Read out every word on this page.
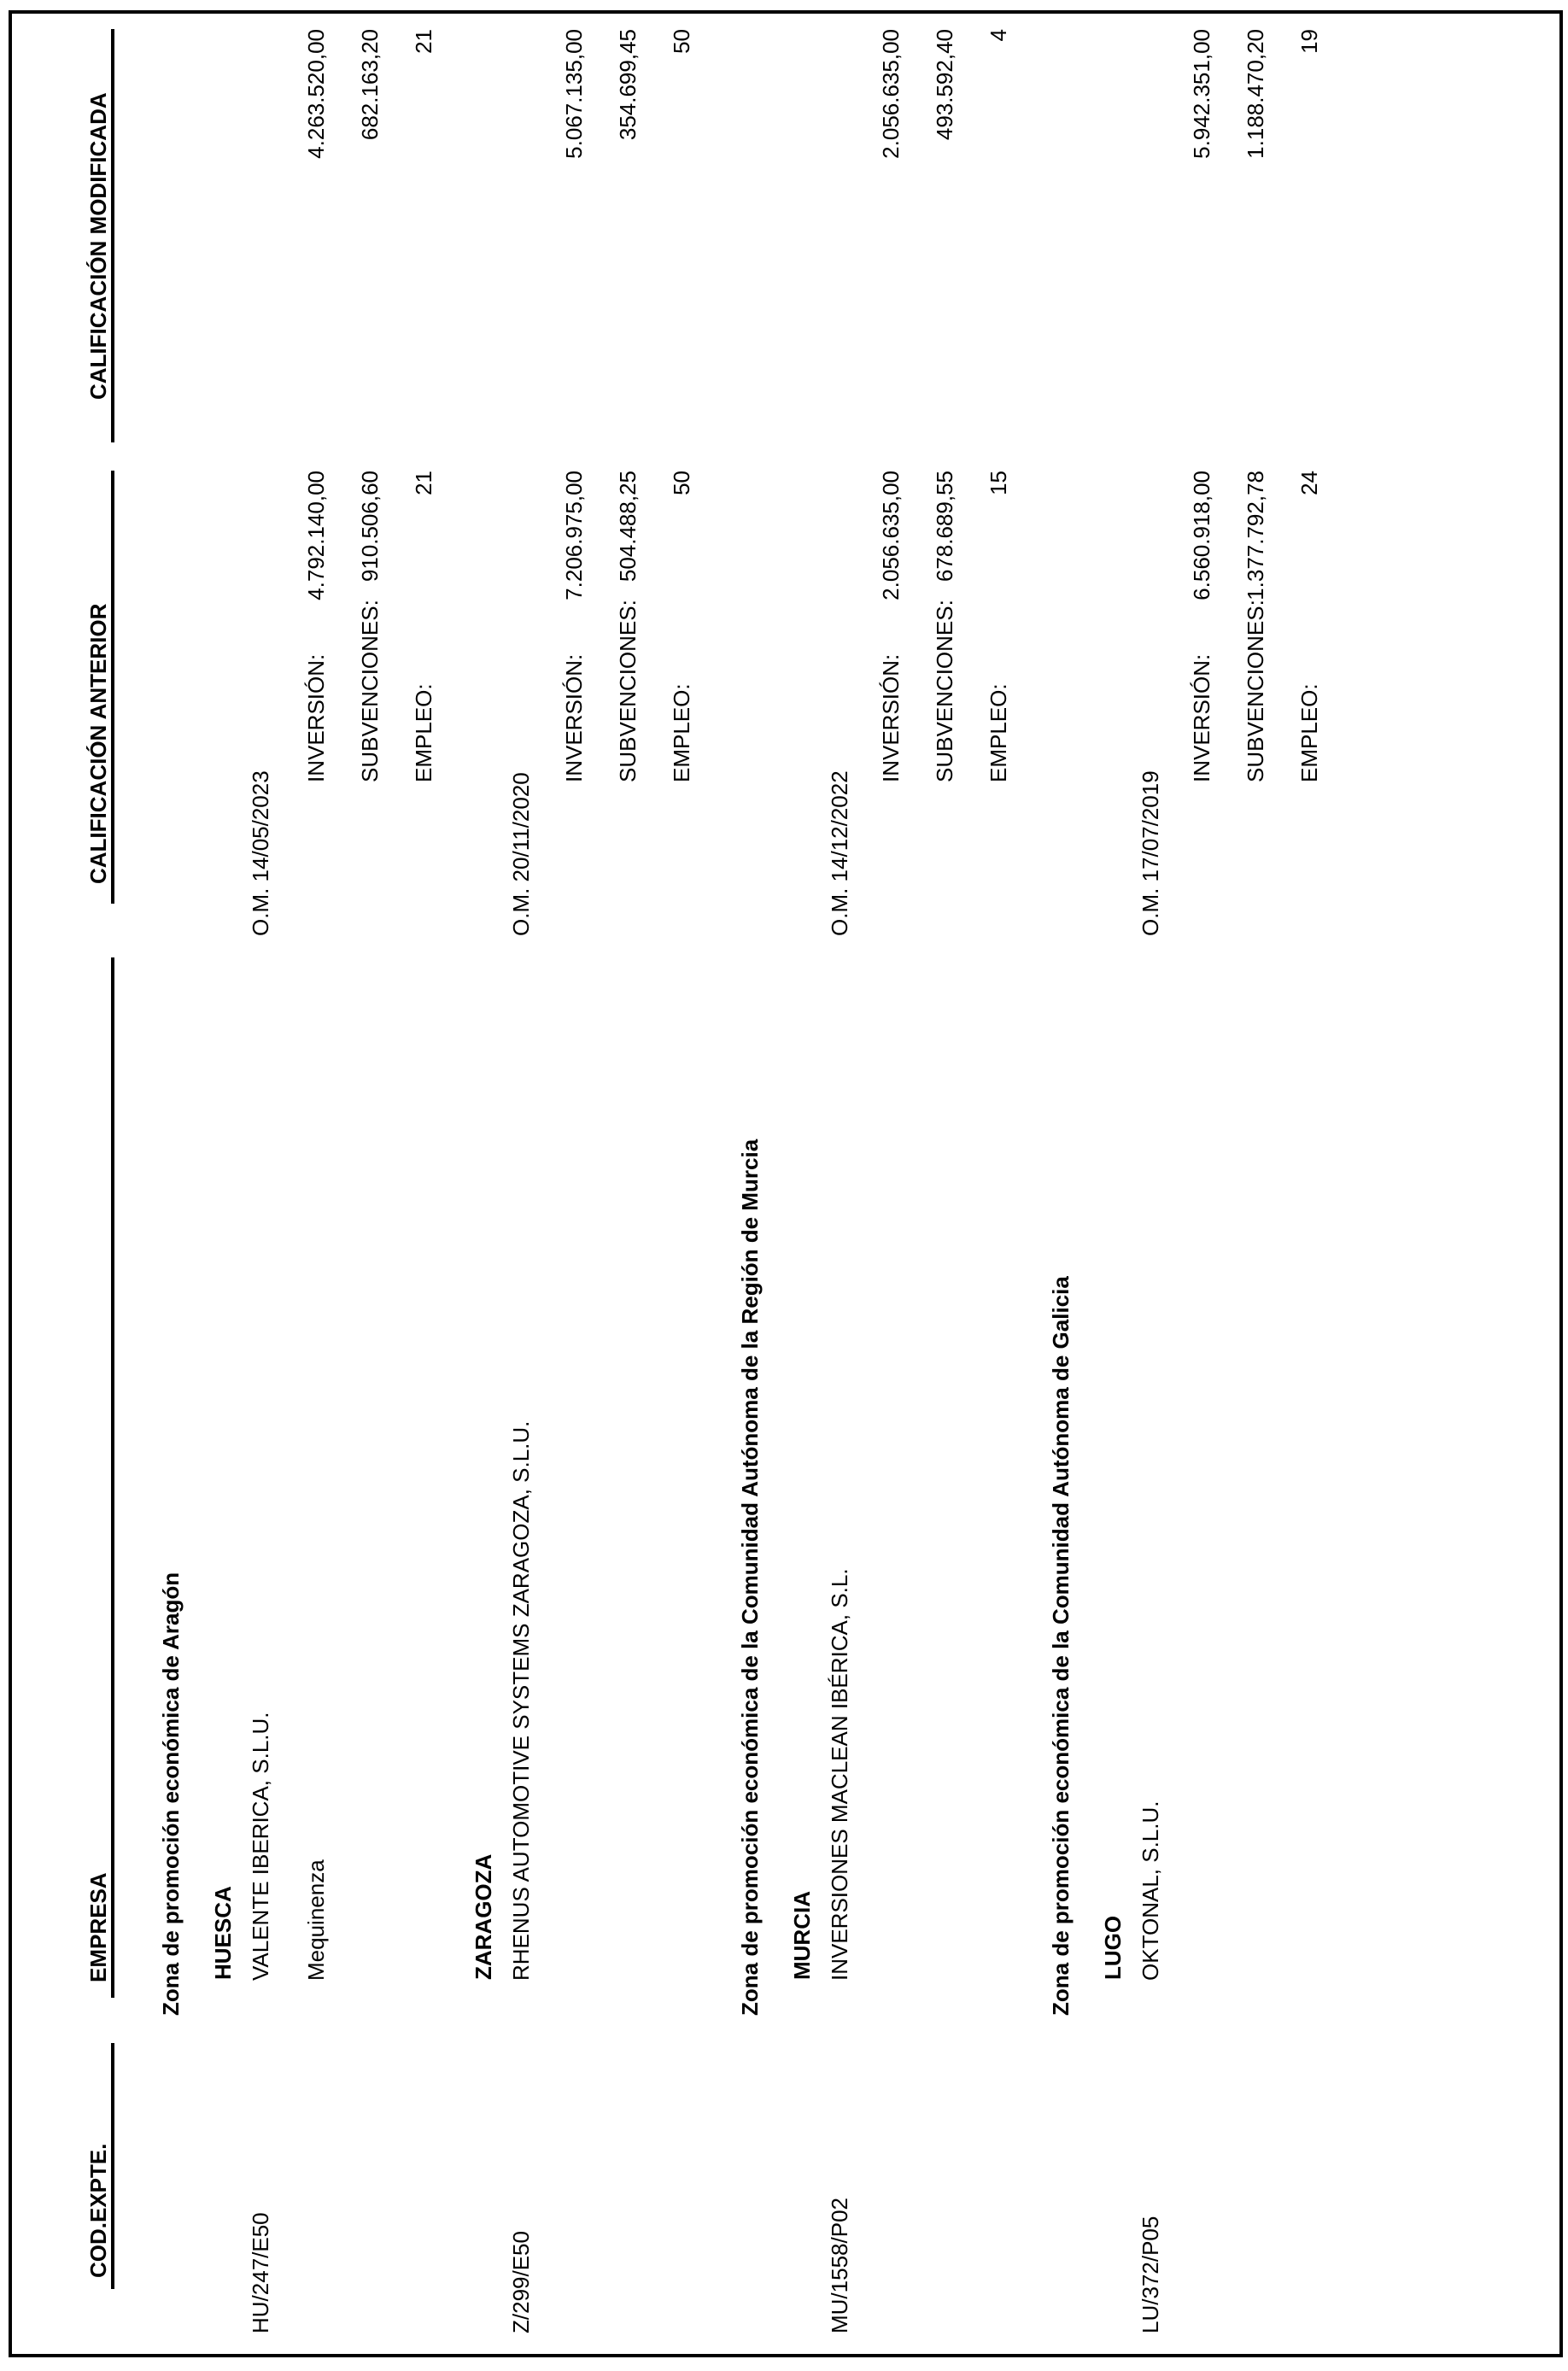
COD.EXPTE.
EMPRESA
CALIFICACIÓN ANTERIOR
CALIFICACIÓN MODIFICADA
Zona de promoción económica de Aragón HUESCA
HU/247/E50
VALENTE IBERICA, S.L.U.
O.M. 14/05/2023
Mequinenza
INVERSIÓN:
4.792.140,00
4.263.520,00
SUBVENCIONES:
910.506,60
682.163,20
EMPLEO:
21
21
ZARAGOZA
Z/299/E50
RHENUS AUTOMOTIVE SYSTEMS ZARAGOZA, S.L.U.
O.M. 20/11/2020
INVERSIÓN:
7.206.975,00
5.067.135,00
SUBVENCIONES:
504.488,25
354.699,45
EMPLEO:
50
50
Zona de promoción económica de la Comunidad Autónoma de la Región de Murcia MURCIA
MU/1558/P02
INVERSIONES MACLEAN IBÉRICA, S.L.
O.M. 14/12/2022
INVERSIÓN:
2.056.635,00
2.056.635,00
SUBVENCIONES:
678.689,55
493.592,40
EMPLEO:
15
4
Zona de promoción económica de la Comunidad Autónoma de Galicia LUGO
LU/372/P05
OKTONAL, S.L.U.
O.M. 17/07/2019
INVERSIÓN:
6.560.918,00
5.942.351,00
SUBVENCIONES:
1.377.792,78
1.188.470,20
EMPLEO:
24
19
